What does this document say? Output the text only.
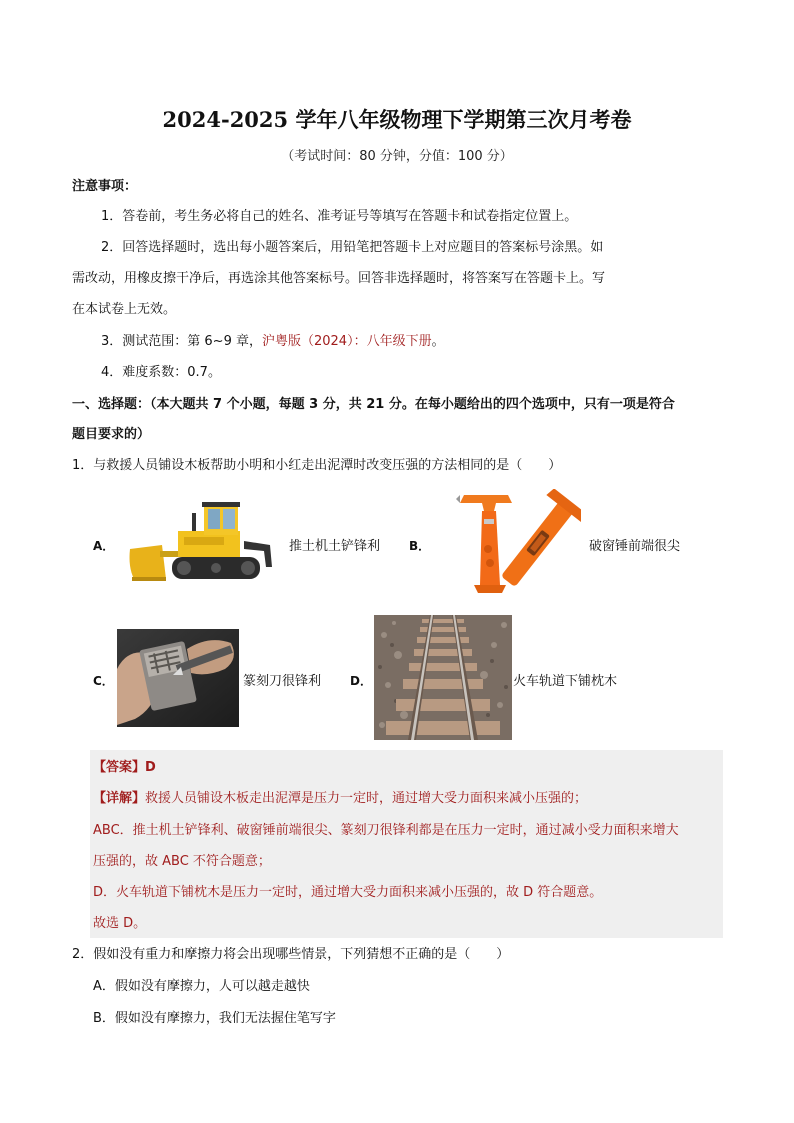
2024-2025 学年八年级物理下学期第三次月考卷
（考试时间：80 分钟，分值：100 分）
注意事项：
1．答卷前，考生务必将自己的姓名、准考证号等填写在答题卡和试卷指定位置上。
2．回答选择题时，选出每小题答案后，用铅笔把答题卡上对应题目的答案标号涂黑。如
需改动，用橡皮擦干净后，再选涂其他答案标号。回答非选择题时，将答案写在答题卡上。写
在本试卷上无效。
3．测试范围：第 6~9 章，沪粤版（2024）：八年级下册。
4．难度系数：0.7。
一、选择题：（本大题共 7 个小题，每题 3 分，共 21 分。在每小题给出的四个选项中，只有一项是符合
题目要求的）
1．与救援人员铺设木板帮助小明和小红走出泥潭时改变压强的方法相同的是（　　）
A．	推土机土铲锋利 B．	破窗锤前端很尖
C．	篆刻刀很锋利 D．	火车轨道下铺枕木
【答案】D
【详解】救援人员铺设木板走出泥潭是压力一定时，通过增大受力面积来减小压强的；
ABC．推土机土铲锋利、破窗锤前端很尖、篆刻刀很锋利都是在压力一定时，通过减小受力面积来增大
压强的，故 ABC 不符合题意；
D．火车轨道下铺枕木是压力一定时，通过增大受力面积来减小压强的，故 D 符合题意。
故选 D。
2．假如没有重力和摩擦力将会出现哪些情景，下列猜想不正确的是（　　）
A．假如没有摩擦力，人可以越走越快
B．假如没有摩擦力，我们无法握住笔写字
